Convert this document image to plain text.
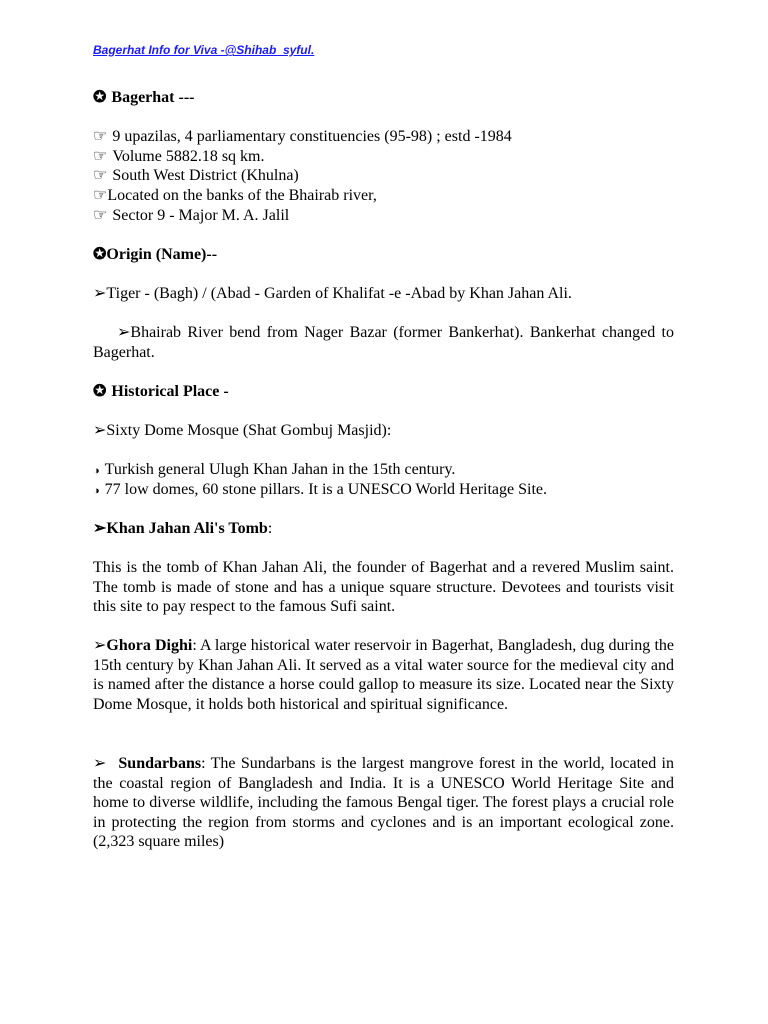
Bagerhat Info for Viva -@Shihab_syful.
✪ Bagerhat ---
☞ 9 upazilas, 4 parliamentary constituencies (95-98) ; estd -1984
☞ Volume 5882.18 sq km.
☞ South West District (Khulna)
☞Located on the banks of the Bhairab river,
☞ Sector 9 - Major M. A. Jalil
✪Origin (Name)--
➢Tiger - (Bagh) / (Abad - Garden of Khalifat -e -Abad by Khan Jahan Ali.
➢Bhairab River bend from Nager Bazar (former Bankerhat). Bankerhat changed to Bagerhat.
✪ Historical Place -
➢Sixty Dome Mosque (Shat Gombuj Masjid):
◑ Turkish general Ulugh Khan Jahan in the 15th century.
◑ 77 low domes, 60 stone pillars. It is a UNESCO World Heritage Site.
➢Khan Jahan Ali's Tomb:
This is the tomb of Khan Jahan Ali, the founder of Bagerhat and a revered Muslim saint. The tomb is made of stone and has a unique square structure. Devotees and tourists visit this site to pay respect to the famous Sufi saint.
➢Ghora Dighi: A large historical water reservoir in Bagerhat, Bangladesh, dug during the 15th century by Khan Jahan Ali. It served as a vital water source for the medieval city and is named after the distance a horse could gallop to measure its size. Located near the Sixty Dome Mosque, it holds both historical and spiritual significance.
➢ Sundarbans: The Sundarbans is the largest mangrove forest in the world, located in the coastal region of Bangladesh and India. It is a UNESCO World Heritage Site and home to diverse wildlife, including the famous Bengal tiger. The forest plays a crucial role in protecting the region from storms and cyclones and is an important ecological zone.(2,323 square miles)
